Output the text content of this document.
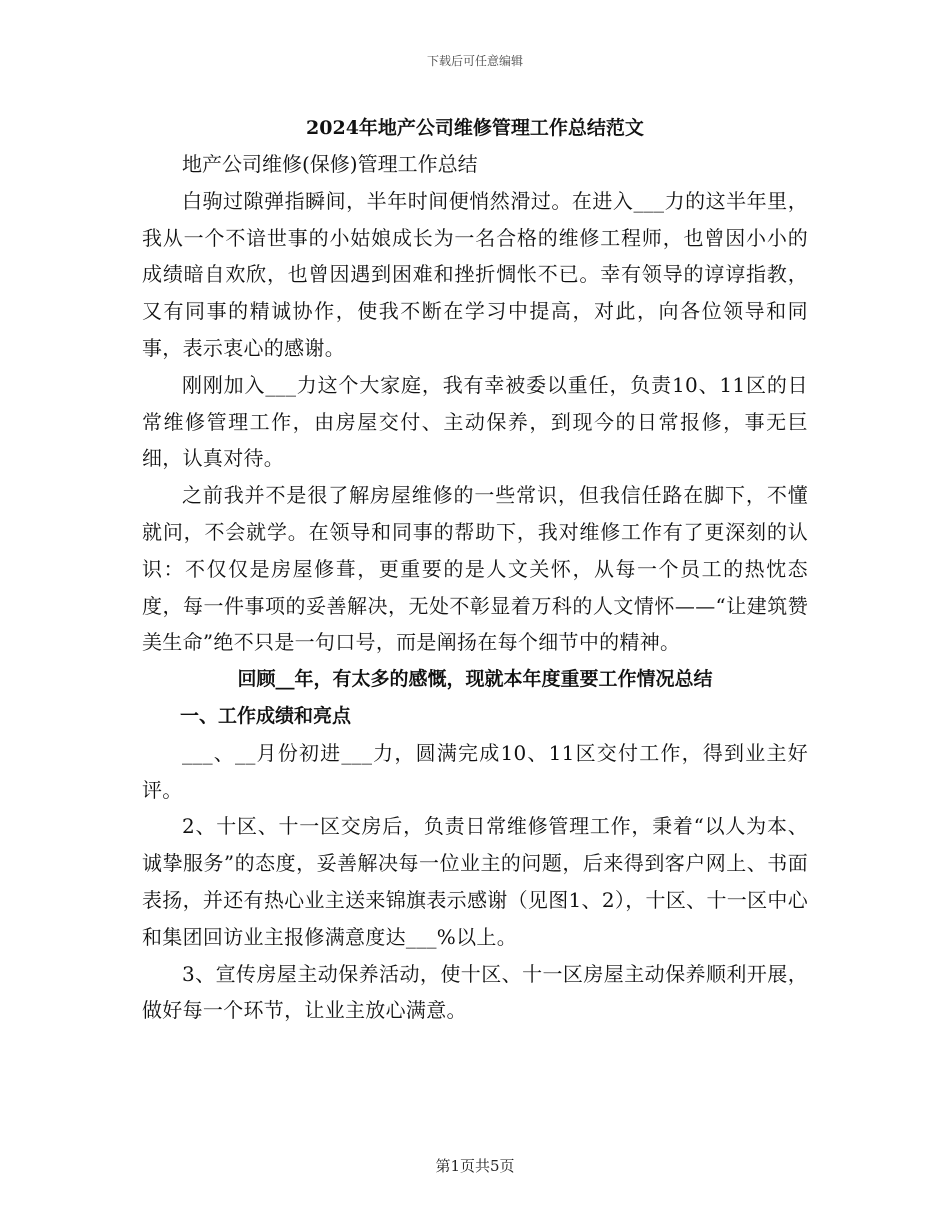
下载后可任意编辑
2024年地产公司维修管理工作总结范文

地产公司维修(保修)管理工作总结

白驹过隙弹指瞬间，半年时间便悄然滑过。在进入___力的这半年里，我从一个不谙世事的小姑娘成长为一名合格的维修工程师，也曾因小小的成绩暗自欢欣，也曾因遇到困难和挫折惆怅不已。幸有领导的谆谆指教，又有同事的精诚协作，使我不断在学习中提高，对此，向各位领导和同事，表示衷心的感谢。

刚刚加入___力这个大家庭，我有幸被委以重任，负责10、11区的日常维修管理工作，由房屋交付、主动保养，到现今的日常报修，事无巨细，认真对待。

之前我并不是很了解房屋维修的一些常识，但我信任路在脚下，不懂就问，不会就学。在领导和同事的帮助下，我对维修工作有了更深刻的认识：不仅仅是房屋修葺，更重要的是人文关怀，从每一个员工的热忱态度，每一件事项的妥善解决，无处不彰显着万科的人文情怀——“让建筑赞美生命”绝不只是一句口号，而是阐扬在每个细节中的精神。

回顾__年，有太多的感慨，现就本年度重要工作情况总结

一、工作成绩和亮点

___、__月份初进___力，圆满完成10、11区交付工作，得到业主好评。

2、十区、十一区交房后，负责日常维修管理工作，秉着“以人为本、诚挚服务”的态度，妥善解决每一位业主的问题，后来得到客户网上、书面表扬，并还有热心业主送来锦旗表示感谢（见图1、2），十区、十一区中心和集团回访业主报修满意度达___%以上。

3、宣传房屋主动保养活动，使十区、十一区房屋主动保养顺利开展，做好每一个环节，让业主放心满意。

第1页共5页
